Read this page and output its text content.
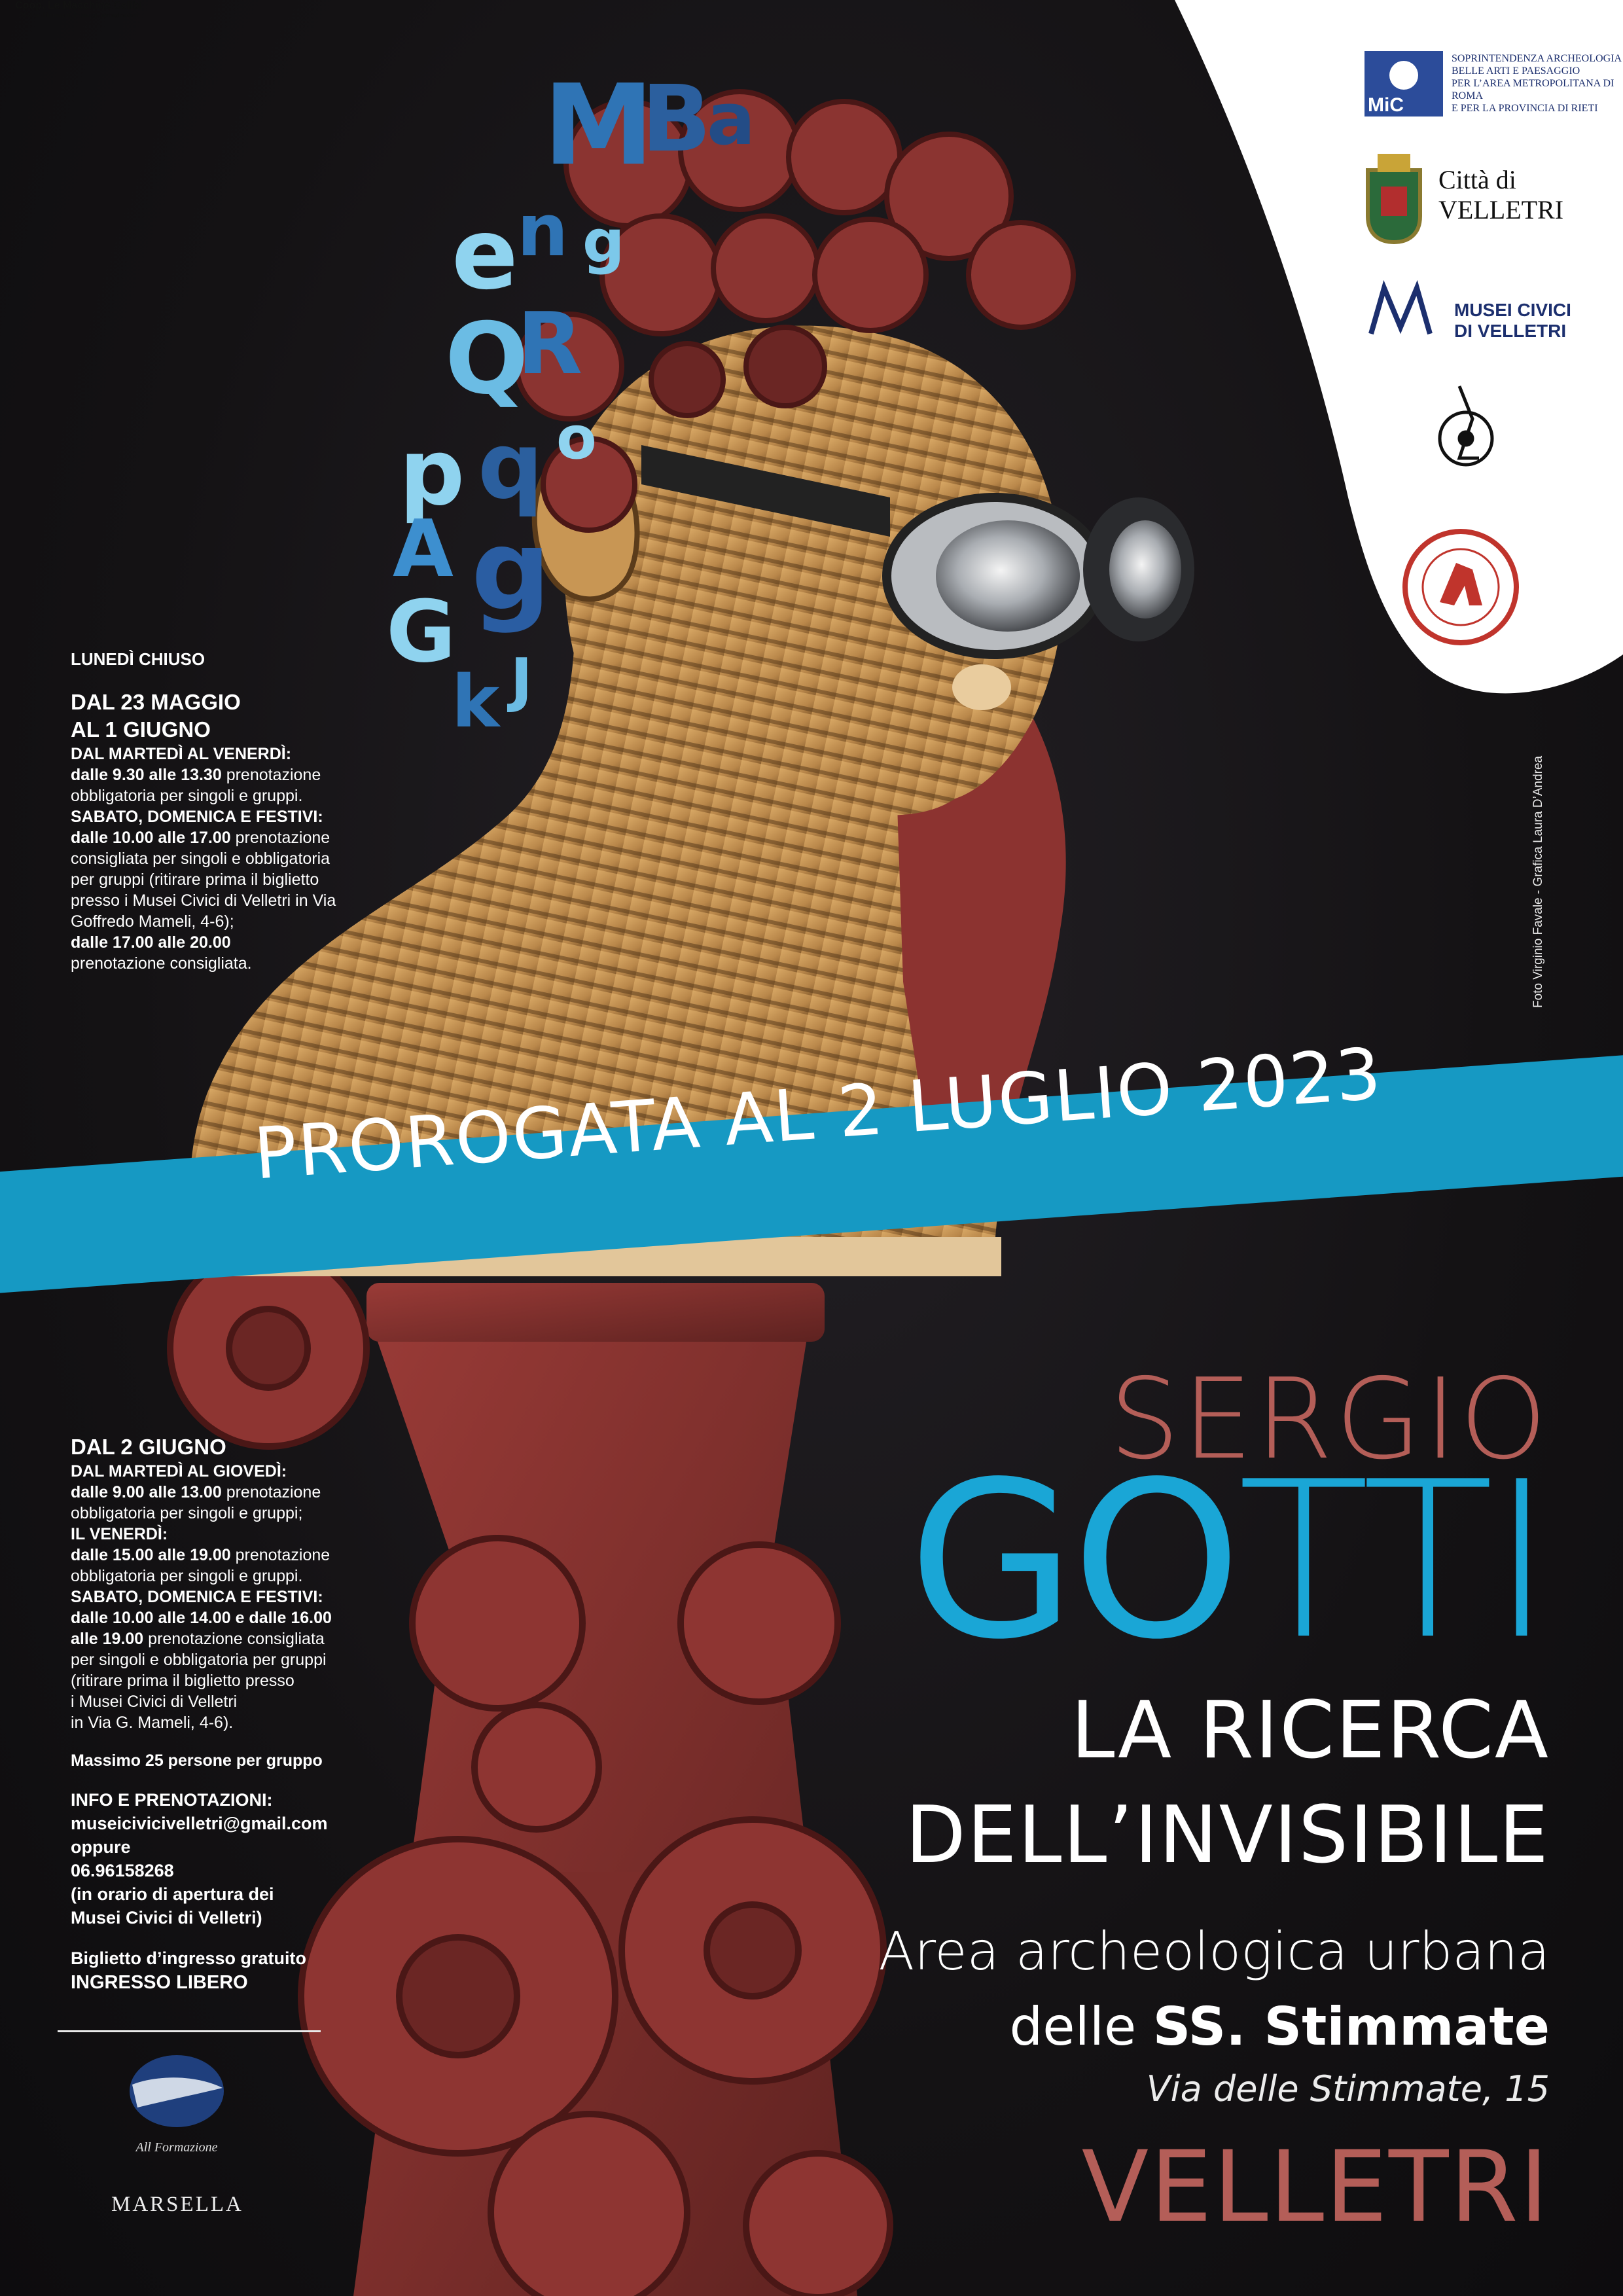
M
B
a
e
n g
Q
R
p q o
A g
G
k J
MiC
SOPRINTENDENZA ARCHEOLOGIA
BELLE ARTI E PAESAGGIO
PER L’AREA METROPOLITANA DI ROMA
E PER LA PROVINCIA DI RIETI
Città di
VELLETRI
MUSEI CIVICI
DI VELLETRI
Coop. Le Macchine Celibi
Officina di immagini, linguaggi, immaginazioni
PROROGATA AL 2 LUGLIO 2023
LUNEDÌ CHIUSO
DAL 23 MAGGIO
AL 1 GIUGNO
DAL MARTEDÌ AL VENERDÌ:
dalle 9.30 alle 13.30 prenotazione
obbligatoria per singoli e gruppi.
SABATO, DOMENICA E FESTIVI:
dalle 10.00 alle 17.00 prenotazione
consigliata per singoli e obbligatoria
per gruppi (ritirare prima il biglietto
presso i Musei Civici di Velletri in Via
Goffredo Mameli, 4-6);
dalle 17.00 alle 20.00
prenotazione consigliata.
DAL 2 GIUGNO
DAL MARTEDÌ AL GIOVEDÌ:
dalle 9.00 alle 13.00 prenotazione
obbligatoria per singoli e gruppi;
IL VENERDÌ:
dalle 15.00 alle 19.00 prenotazione
obbligatoria per singoli e gruppi.
SABATO, DOMENICA E FESTIVI:
dalle 10.00 alle 14.00 e dalle 16.00
alle 19.00 prenotazione consigliata
per singoli e obbligatoria per gruppi
(ritirare prima il biglietto presso
i Musei Civici di Velletri
in Via G. Mameli, 4-6).
Massimo 25 persone per gruppo
INFO E PRENOTAZIONI:
museicivicivelletri@gmail.com
oppure
06.96158268
(in orario di apertura dei
Musei Civici di Velletri)
Biglietto d’ingresso gratuito
INGRESSO LIBERO
All Formazione
MARSELLA
SERGIO
GOTTI
LA RICERCA
DELL’INVISIBILE
Area archeologica urbana
delle SS. Stimmate
Via delle Stimmate, 15
VELLETRI
Foto Virginio Favale - Grafica Laura D’Andrea
